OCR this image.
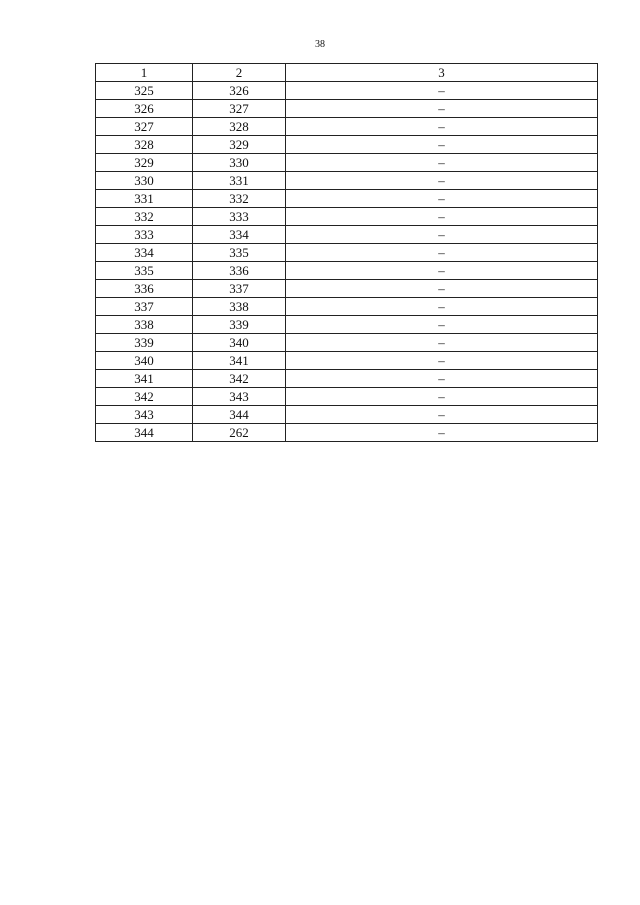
38
1	2	3
325	326	–
326	327	–
327	328	–
328	329	–
329	330	–
330	331	–
331	332	–
332	333	–
333	334	–
334	335	–
335	336	–
336	337	–
337	338	–
338	339	–
339	340	–
340	341	–
341	342	–
342	343	–
343	344	–
344	262	–
